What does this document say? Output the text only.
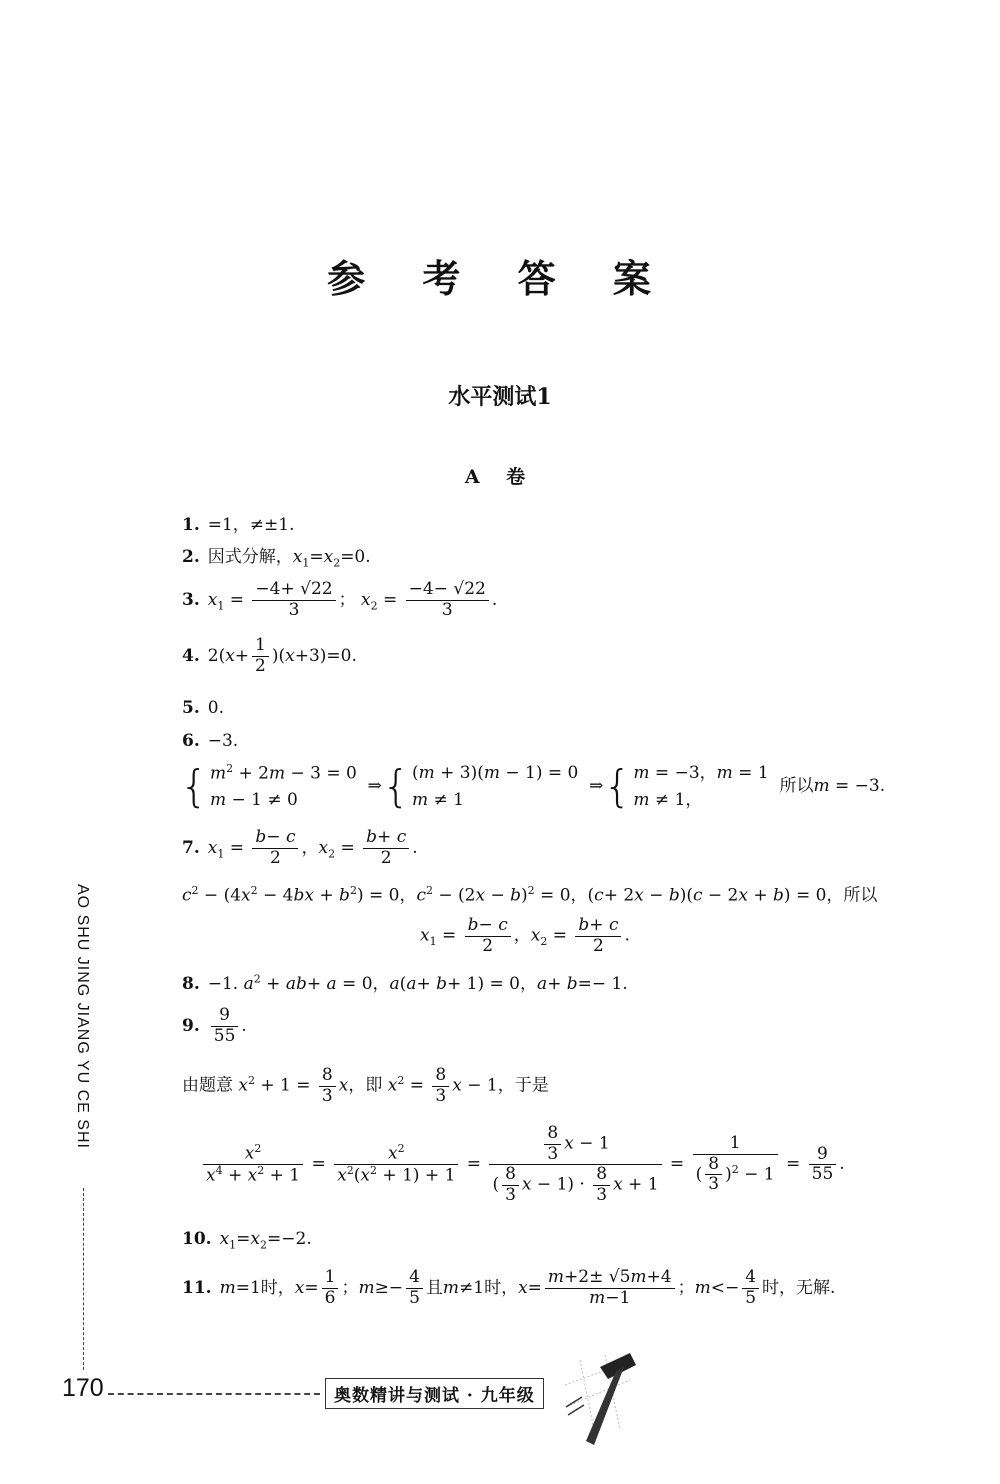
参 考 答 案
水平测试1
A 卷
1. =1，≠±1.
2. 因式分解，$x_1=x_2=0$.
3. $x_1 = \frac{-4+ √22}{3}$ ； $x_2 = \frac{-4- √22}{3}$ .
4. $2(x+ \frac{1}{2} )(x+3)=0$.
5. 0.
6. −3.
{ $m^2 + 2m - 3 = 0$
m − 1 ≠ 0  ⇒{ (m + 3)(m − 1) = 0
m ≠ 1  ⇒{ m = −3，m = 1
m ≠ 1，  所以m = −3.
7. $x_1 = \frac{b- c}{2}$ ，$x_2 = \frac{b+ c}{2}$ .
$c^2 - (4x^2 - 4bx + b^2) = 0$，$c^2 - (2x - b)^2 = 0$，(c+ 2x − b)(c − 2x + b) = 0，所以
$x_1 = \frac{b- c}{2}$ ，$x_2 = \frac{b+ c}{2}$ .
8. −1. $a^2 + ab+ a = 0$，a(a+ b+ 1) = 0，a+ b=− 1.
9. $\frac{9}{55}$ .
由题意 $x^2 + 1 = \frac{8}{3}$ x，即 $x^2 = \frac{8}{3}$ x − 1，于是
$\frac{x^2}{x^4 + x^2 + 1} = \frac{x^2}{x^2(x^2 + 1) + 1} = \frac{\frac{8}{3} x - 1}{( \frac{8}{3} x - 1) \cdot \frac{8}{3} x + 1} = \frac{1}{( \frac{8}{3} )^2 - 1} = \frac{9}{55}$ .
10. $x_1=x_2=-2$.
11. m=1时，$x= \frac{1}{6}$ ；$m\ge- \frac{4}{5}$ 且m≠1时，$x= \frac{m+2\pm √5m+4}{m-1}$ ；$m<- \frac{4}{5}$ 时，无解.
AO SHU JING JIANG YU CE SHI
170	奥数精讲与测试 · 九年级
